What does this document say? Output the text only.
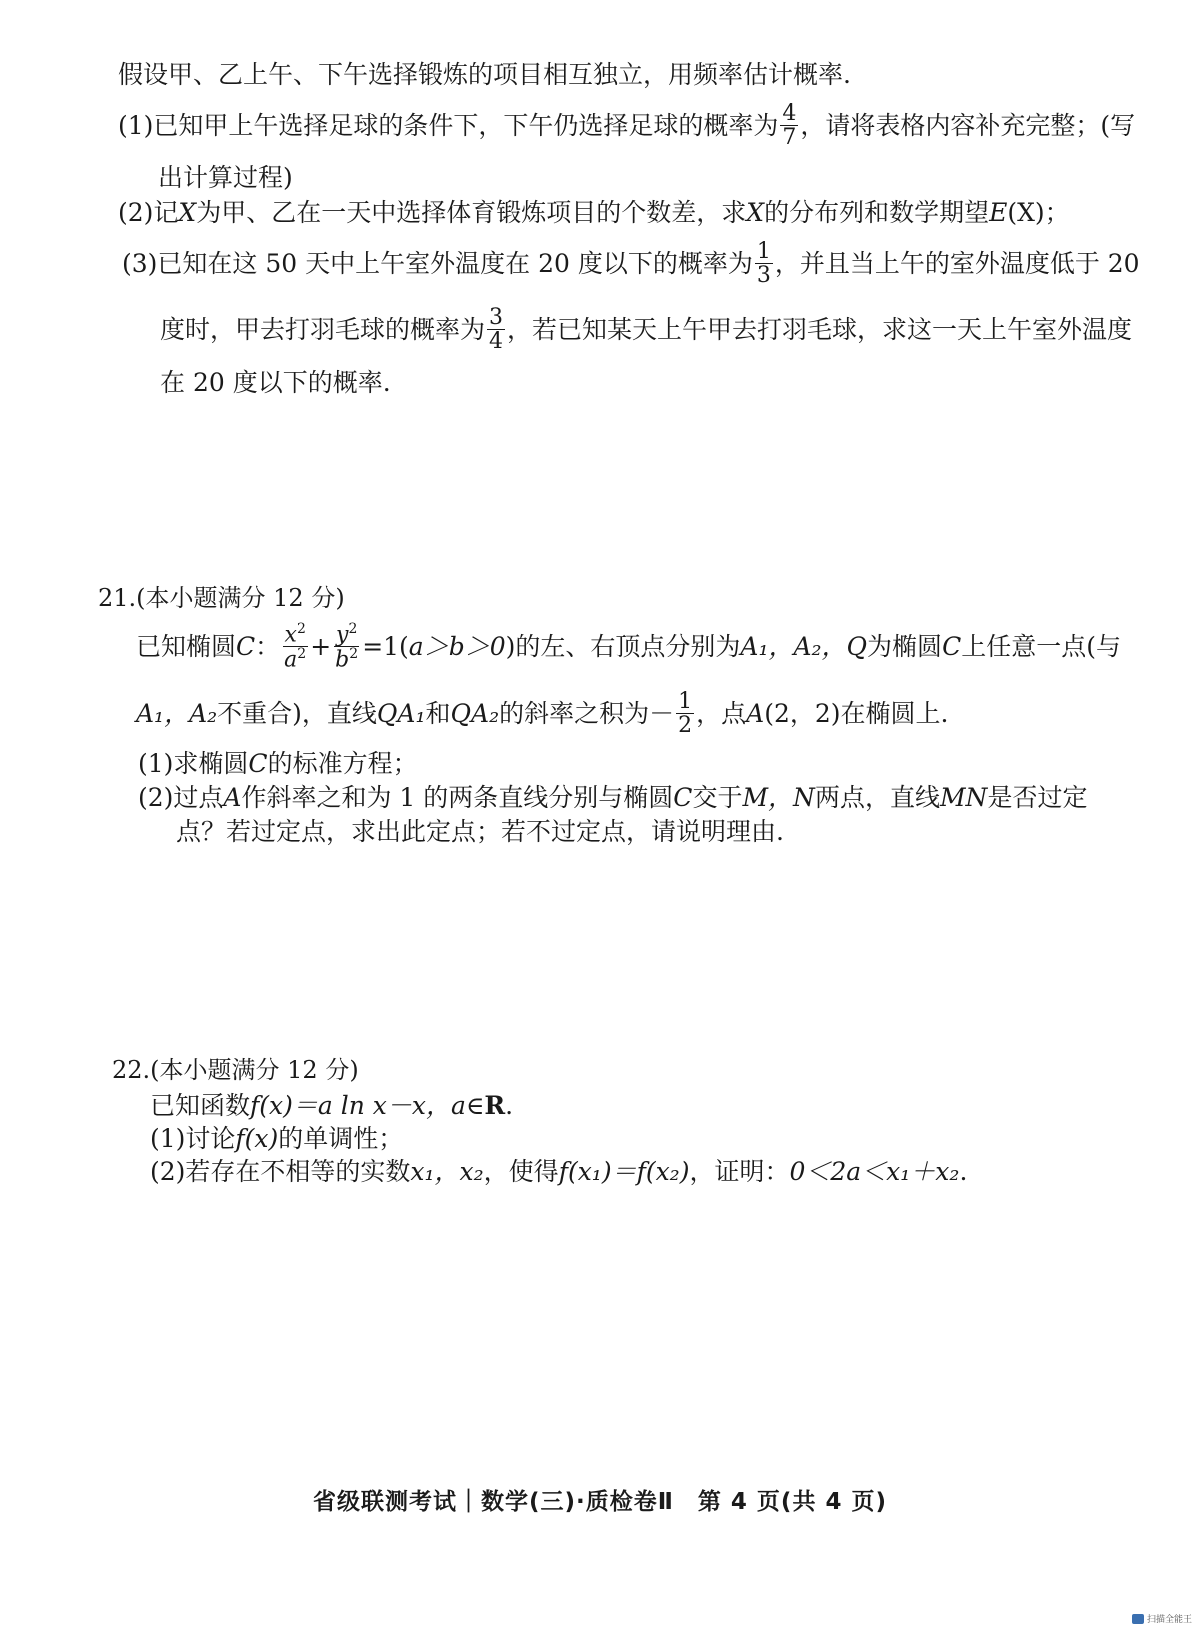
假设甲、乙上午、下午选择锻炼的项目相互独立，用频率估计概率.
(1)已知甲上午选择足球的条件下，下午仍选择足球的概率为 $\frac{4}{7}$ ，请将表格内容补充完整；(写
出计算过程)
(2)记 X 为甲、乙在一天中选择体育锻炼项目的个数差，求 X 的分布列和数学期望 E (X)；
(3)已知在这 50 天中上午室外温度在 20 度以下的概率为 $\frac{1}{3}$ ，并且当上午的室外温度低于 20
度时，甲去打羽毛球的概率为 $\frac{3}{4}$ ，若已知某天上午甲去打羽毛球，求这一天上午室外温度
在 20 度以下的概率.
21.(本小题满分 12 分)
已知椭圆 C ： $\frac{x^2}{a^2} + \frac{y^2}{b^2} =1$( a＞b＞0 )的左、右顶点分别为 A₁，A₂，Q 为椭圆 C 上任意一点(与
A₁，A₂ 不重合)，直线 QA₁ 和 QA₂ 的斜率之积为－ $\frac{1}{2}$ ，点 A (2，2)在椭圆上.
(1)求椭圆 C 的标准方程；
(2)过点 A 作斜率之和为 1 的两条直线分别与椭圆 C 交于 M，N 两点，直线 MN 是否过定
点？若过定点，求出此定点；若不过定点，请说明理由.
22.(本小题满分 12 分)
已知函数 f(x)＝a ln x－x，a∈ R .
(1)讨论 f(x) 的单调性；
(2)若存在不相等的实数 x₁，x₂ ，使得 f(x₁)＝f(x₂) ，证明： 0＜2a＜x₁＋x₂ .
省级联测考试｜数学(三)·质检卷Ⅱ　第 4 页(共 4 页)
扫描全能王
